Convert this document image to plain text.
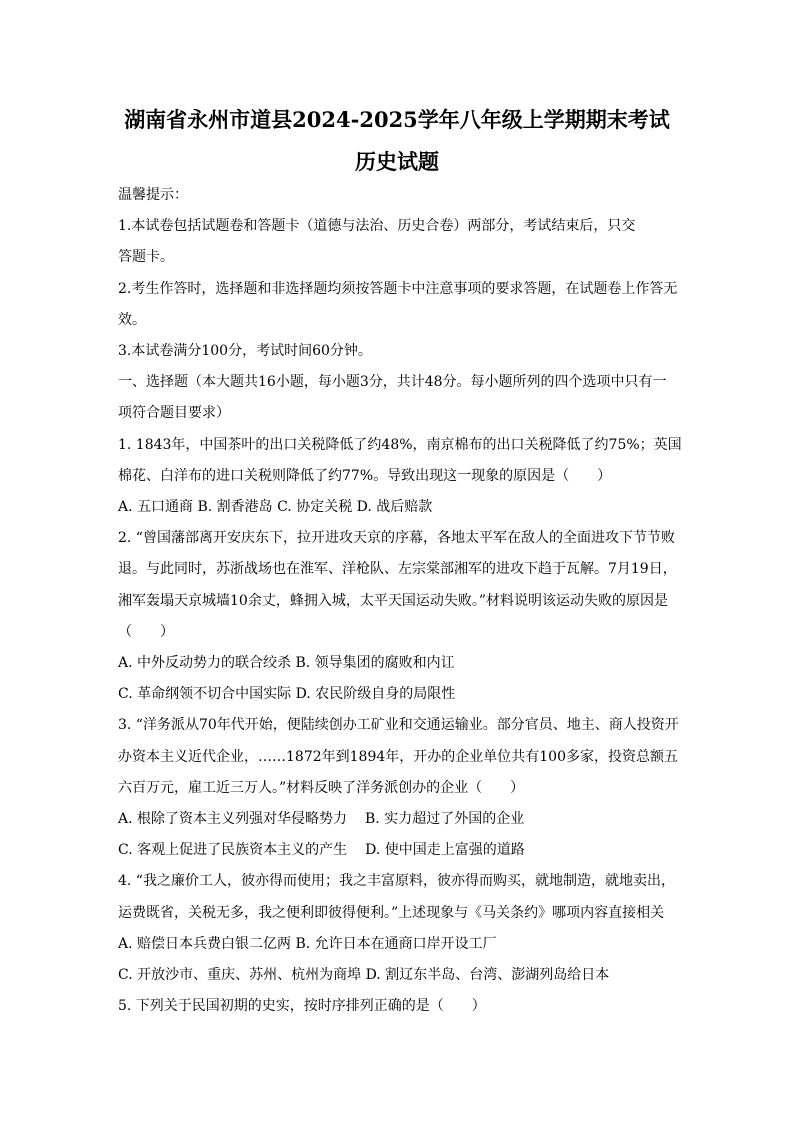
湖南省永州市道县2024-2025学年八年级上学期期末考试
历史试题
温馨提示：
1.本试卷包括试题卷和答题卡（道德与法治、历史合卷）两部分，考试结束后，只交
答题卡。
2.考生作答时，选择题和非选择题均须按答题卡中注意事项的要求答题，在试题卷上作答无
效。
3.本试卷满分100分，考试时间60分钟。
一、选择题（本大题共16小题，每小题3分，共计48分。每小题所列的四个选项中只有一
项符合题目要求）
1. 1843年，中国茶叶的出口关税降低了约48%，南京棉布的出口关税降低了约75%；英国
棉花、白洋布的进口关税则降低了约77%。导致出现这一现象的原因是（　　）
A. 五口通商 B. 割香港岛 C. 协定关税 D. 战后赔款
2. “曾国藩部离开安庆东下，拉开进攻天京的序幕，各地太平军在敌人的全面进攻下节节败
退。与此同时，苏浙战场也在淮军、洋枪队、左宗棠部湘军的进攻下趋于瓦解。7月19日，
湘军轰塌天京城墙10余丈，蜂拥入城，太平天国运动失败。”材料说明该运动失败的原因是
（　　）
A. 中外反动势力的联合绞杀 B. 领导集团的腐败和内讧
C. 革命纲领不切合中国实际 D. 农民阶级自身的局限性
3. “洋务派从70年代开始，便陆续创办工矿业和交通运输业。部分官员、地主、商人投资开
办资本主义近代企业，……1872年到1894年，开办的企业单位共有100多家，投资总额五
六百万元，雇工近三万人。”材料反映了洋务派创办的企业（　　）
A. 根除了资本主义列强对华侵略势力 B. 实力超过了外国的企业
C. 客观上促进了民族资本主义的产生 D. 使中国走上富强的道路
4. “我之廉价工人，彼亦得而使用；我之丰富原料，彼亦得而购买，就地制造，就地卖出，
运费既省，关税无多，我之便利即彼得便利。”上述现象与《马关条约》哪项内容直接相关
A. 赔偿日本兵费白银二亿两 B. 允许日本在通商口岸开设工厂
C. 开放沙市、重庆、苏州、杭州为商埠 D. 割辽东半岛、台湾、澎湖列岛给日本
5. 下列关于民国初期的史实，按时序排列正确的是（　　）
